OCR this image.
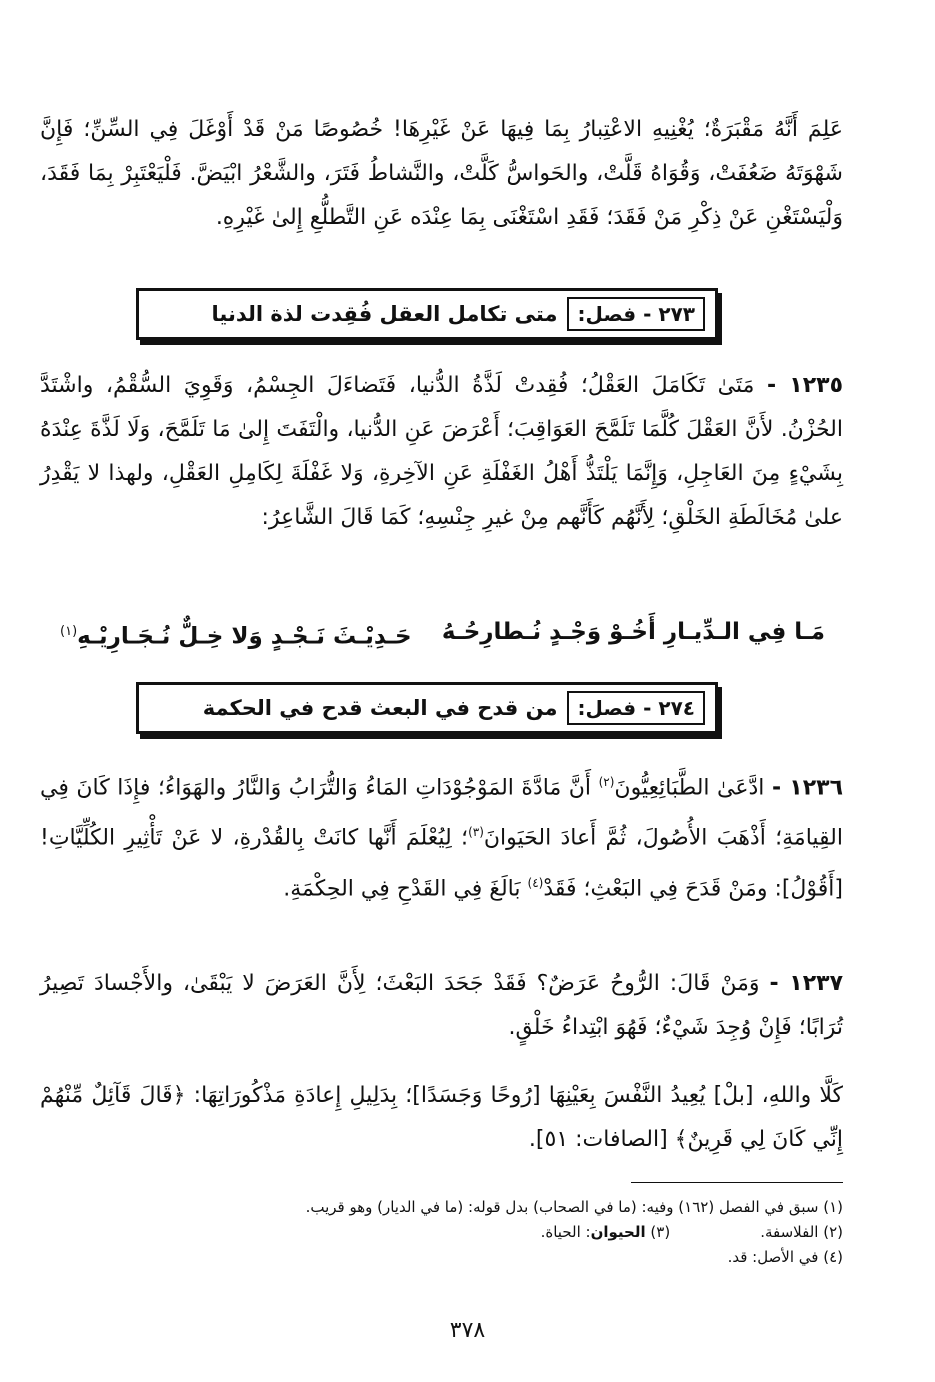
عَلِمَ أَنَّهُ مَقْبَرَةٌ؛ يُغْنِيهِ الاعْتِبارُ بِمَا فِيهَا عَنْ غَيْرِهَا! خُصُوصًا مَنْ قَدْ أَوْغَلَ فِي السِّنِّ؛ فَإِنَّ شَهْوَتَهُ ضَعُفَتْ، وَقُوَاهُ قَلَّتْ، والحَواسُّ كَلَّتْ، والنَّشاطُ فَتَرَ، والشَّعْرُ ابْيَضَّ. فَلْيَعْتَبِرْ بِمَا فَقَدَ، وَلْيَسْتَغْنِ عَنْ ذِكْرِ مَنْ فَقَدَ؛ فَقَدِ اسْتَغْنَى بِمَا عِنْدَه عَنِ التَّطلُّعِ إِلىٰ غَيْرِهِ.

٢٧٣ - فصل:
متى تكامل العقل فُقِدت لذة الدنيا

١٢٣٥ - مَتَىٰ تَكَامَلَ العَقْلُ؛ فُقِدتْ لَذَّةُ الدُّنيا، فَتَضاءَلَ الجِسْمُ، وَقَوِيَ السُّقْمُ، واشْتَدَّ الحُزْنُ. لأَنَّ العَقْلَ كُلَّمَا تَلَمَّحَ العَوَاقِبَ؛ أَعْرَضَ عَنِ الدُّنيا، والْتَفَتَ إِلىٰ مَا تَلَمَّحَ، وَلَا لَذَّةَ عِنْدَهُ بِشَيْءٍ مِنَ العَاجِلِ، وَإِنَّمَا يَلْتَذُّ أَهْلُ الغَفْلَةِ عَنِ الآخِرةِ، وَلا غَفْلَةَ لِكَامِلِ العَقْلِ، ولهذا لا يَقْدِرُ علىٰ مُخَالَطَةِ الخَلْقِ؛ لِأَنَّهُم كَأَنَّهم مِنْ غيرِ جِنْسِهِ؛ كَمَا قَالَ الشَّاعِرُ:

مَـا فِي الـدِّيـارِ أَخُـوْ وَجْـدٍ نُـطارِحُـهُ
حَـدِيْـثَ نَـجْـدٍ وَلا خِـلٌّ نُـجَـارِيْـهِ$^{(١)}$
٢٧٤ - فصل:
من قدح في البعث قدح في الحكمة

١٢٣٦ - ادَّعَىٰ الطَّبَائِعِيُّونَ$^{(٢)}$ أَنَّ مَادَّةَ المَوْجُوْدَاتِ المَاءُ وَالتُّرَابُ وَالنَّارُ والهَوَاءُ؛ فإِذَا كَانَ فِي القِيامَةِ؛ أَذْهَبَ الأُصُولَ، ثُمَّ أَعادَ الحَيَوانَ$^{(٣)}$؛ لِيُعْلَمَ أَنَّها كانَتْ بِالقُدْرةِ، لا عَنْ تَأْثِيرِ الكُلِّيَّاتِ! [أَقُوْلُ]: ومَنْ قَدَحَ فِي البَعْثِ؛ فَقَدْ$^{(٤)}$ بَالَغَ فِي القَدْحِ فِي الحِكْمَةِ.

١٢٣٧ - وَمَنْ قَالَ: الرُّوحُ عَرَضٌ؟ فَقَدْ جَحَدَ البَعْثَ؛ لِأَنَّ العَرَضَ لا يَبْقَىٰ، والأَجْسادَ تَصِيرُ تُرَابًا؛ فَإِنْ وُجِدَ شَيْءٌ؛ فَهُوَ ابْتِداءُ خَلْقٍ.

كَلَّا واللهِ، [بلْ] يُعِيدُ النَّفْسَ بِعَيْنِهَا [رُوحًا وَجَسَدًا]؛ بِدَلِيلِ إِعادَةِ مَذْكُورَاتِهَا: ﴿قَالَ قَآئِلٌ مِّنْهُمْ إِنِّي كَانَ لِي قَرِينٌ﴾ [الصافات: ٥١].

(١) سبق في الفصل (١٦٢) وفيه: (ما في الصحاب) بدل قوله: (ما في الديار) وهو قريب.
(٢) الفلاسفة.
(٣) الحيوان: الحياة.
(٤) في الأصل: قد.
٣٧٨
